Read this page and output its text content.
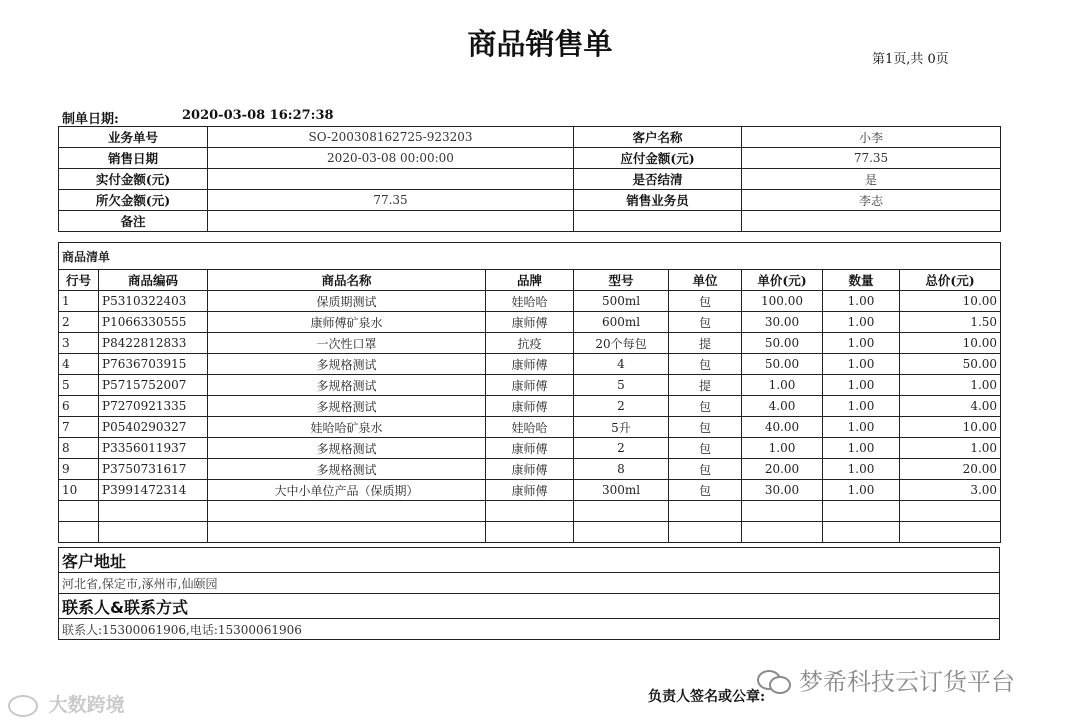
商品销售单	第1页,共 0页
制单日期:	2020-03-08 16:27:38
业务单号	SO-200308162725-923203	客户名称	小李
销售日期	2020-03-08 00:00:00	应付金额(元)	77.35
实付金额(元)		是否结清	是
所欠金额(元)	77.35	销售业务员	李志
备注			
商品清单								
行号	商品编码	商品名称	品牌	型号	单位	单价(元)	数量	总价(元)
1	P5310322403	保质期测试	娃哈哈	500ml	包	100.00	1.00	10.00
2	P1066330555	康师傅矿泉水	康师傅	600ml	包	30.00	1.00	1.50
3	P8422812833	一次性口罩	抗疫	20个每包	提	50.00	1.00	10.00
4	P7636703915	多规格测试	康师傅	4	包	50.00	1.00	50.00
5	P5715752007	多规格测试	康师傅	5	提	1.00	1.00	1.00
6	P7270921335	多规格测试	康师傅	2	包	4.00	1.00	4.00
7	P0540290327	娃哈哈矿泉水	娃哈哈	5升	包	40.00	1.00	10.00
8	P3356011937	多规格测试	康师傅	2	包	1.00	1.00	1.00
9	P3750731617	多规格测试	康师傅	8	包	20.00	1.00	20.00
10	P3991472314	大中小单位产品（保质期）	康师傅	300ml	包	30.00	1.00	3.00

客户地址
河北省,保定市,涿州市,仙颐园
联系人&联系方式
联系人:15300061906,电话:15300061906
负责人签名或公章:
大数跨境
梦希科技云订货平台
